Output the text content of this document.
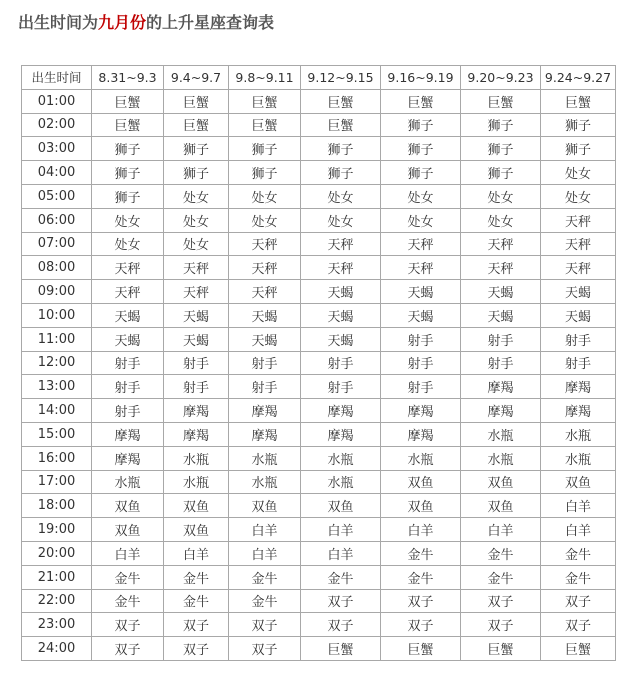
出生时间为九月份的上升星座查询表
出生时间	8.31~9.3	9.4~9.7	9.8~9.11	9.12~9.15	9.16~9.19	9.20~9.23	9.24~9.27
01:00	巨蟹	巨蟹	巨蟹	巨蟹	巨蟹	巨蟹	巨蟹
02:00	巨蟹	巨蟹	巨蟹	巨蟹	狮子	狮子	狮子
03:00	狮子	狮子	狮子	狮子	狮子	狮子	狮子
04:00	狮子	狮子	狮子	狮子	狮子	狮子	处女
05:00	狮子	处女	处女	处女	处女	处女	处女
06:00	处女	处女	处女	处女	处女	处女	天秤
07:00	处女	处女	天秤	天秤	天秤	天秤	天秤
08:00	天秤	天秤	天秤	天秤	天秤	天秤	天秤
09:00	天秤	天秤	天秤	天蝎	天蝎	天蝎	天蝎
10:00	天蝎	天蝎	天蝎	天蝎	天蝎	天蝎	天蝎
11:00	天蝎	天蝎	天蝎	天蝎	射手	射手	射手
12:00	射手	射手	射手	射手	射手	射手	射手
13:00	射手	射手	射手	射手	射手	摩羯	摩羯
14:00	射手	摩羯	摩羯	摩羯	摩羯	摩羯	摩羯
15:00	摩羯	摩羯	摩羯	摩羯	摩羯	水瓶	水瓶
16:00	摩羯	水瓶	水瓶	水瓶	水瓶	水瓶	水瓶
17:00	水瓶	水瓶	水瓶	水瓶	双鱼	双鱼	双鱼
18:00	双鱼	双鱼	双鱼	双鱼	双鱼	双鱼	白羊
19:00	双鱼	双鱼	白羊	白羊	白羊	白羊	白羊
20:00	白羊	白羊	白羊	白羊	金牛	金牛	金牛
21:00	金牛	金牛	金牛	金牛	金牛	金牛	金牛
22:00	金牛	金牛	金牛	双子	双子	双子	双子
23:00	双子	双子	双子	双子	双子	双子	双子
24:00	双子	双子	双子	巨蟹	巨蟹	巨蟹	巨蟹
